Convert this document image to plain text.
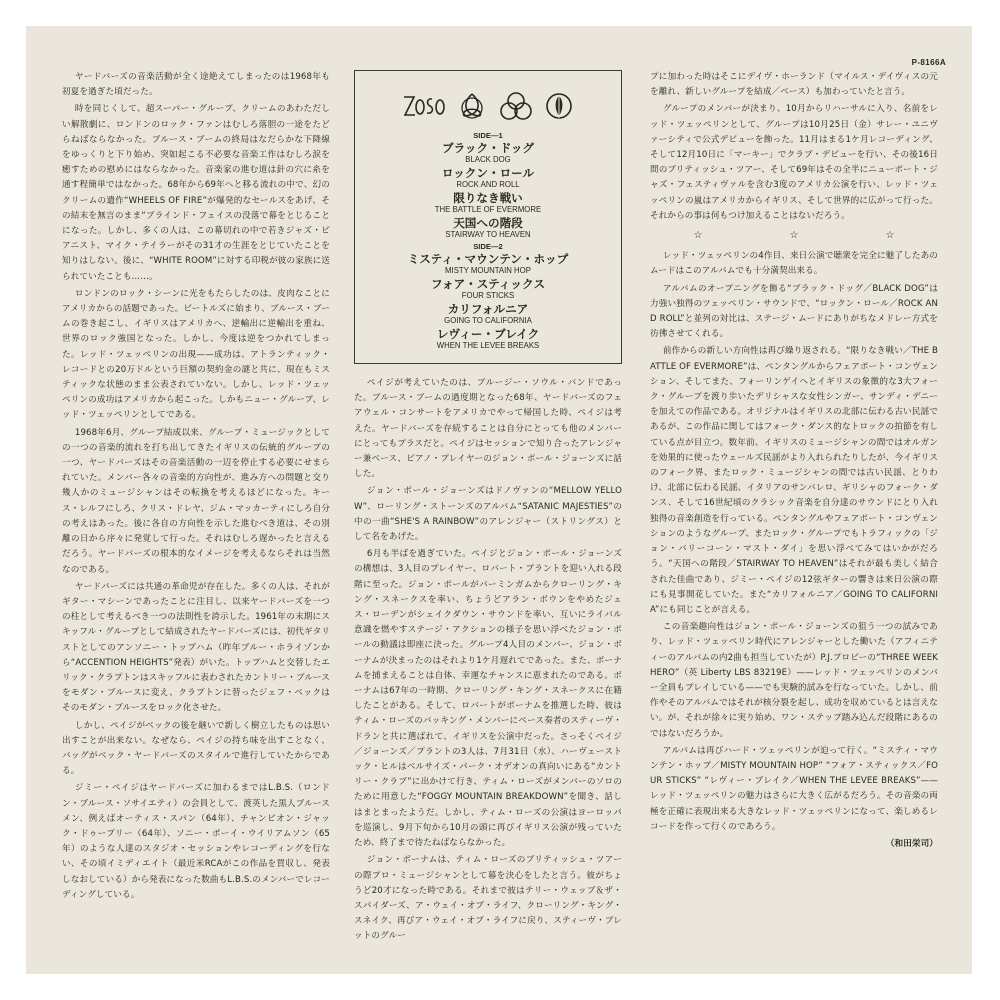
P-8166A

ヤードバーズの音楽活動が全く途絶えてしまったのは1968年も初夏を過ぎた頃だった。

時を同じくして、超スーパー・グループ、クリームのあわただしい解散劇に、ロンドンのロック・ファンはむしろ落胆の一途をたどらねばならなかった。ブルース・ブームの終局はなだらかな下降線をゆっくりと下り始め、突如起こる不必要な音楽工作はむしろ涙を癒すための慰めにはならなかった。音楽家の進む道は針の穴に糸を通す程簡単ではなかった。68年から69年へと移る流れの中で、幻のクリームの遺作“WHEELS OF FIRE”が爆発的なセールスをあげ、その結末を無言のまま“ブラインド・フェイスの没落で幕をとじることになった。しかし、多くの人は、この幕切れの中で若きジャズ・ピアニスト、マイク・テイラーがその31才の生涯をとじていたことを知りはしない。後に、“WHITE ROOM”に対する印税が彼の家族に送られていたことも……。

ロンドンのロック・シーンに光をもたらしたのは、皮肉なことにアメリカからの話題であった。ビートルズに始まり、ブルース・ブームの巻き起こし、イギリスはアメリカへ、逆輸出に逆輸出を重ね、世界のロック強国となった。しかし、今度は逆をつかれてしまった。レッド・ツェッペリンの出現——成功は、アトランティック・レコードとの20万ドルという巨額の契約金の謎と共に、現在もミスティックな状態のまま公表されていない。しかし、レッド・ツェッペリンの成功はアメリカから起こった。しかもニュー・グループ、レッド・ツェッペリンとしてである。

1968年6月、グループ結成以来、グループ・ミュージックとしての一つの音楽的流れを打ち出してきたイギリスの伝統的グループの一つ、ヤードバーズはその音楽活動の一辺を停止する必要にせまられていた。メンバー各々の音楽的方向性が、進み方への問題と交り幾人かのミュージシャンはその転換を考えるほどになった。キース・レルフにしろ、クリス・ドレヤ、ジム・マッカーティにしろ自分の考えはあった。後に各自の方向性を示した進むべき道は、その別離の日から序々に発覚して行った。それはむしろ遅かったと言えるだろう。ヤードバーズの根本的なイメージを考えるならそれは当然なのである。

ヤードバーズには共通の革命児が存在した。多くの人は、それがギター・マシーンであったことに注目し、以来ヤードバーズを一つの柱として考えるべき一つの法則性を誇示した。1961年の末期にスキッフル・グループとして結成されたヤードバーズには、初代ギタリストとしてのアンソニー・トップハム（昨年ブルー・ホライゾンから“ACCENTION HEIGHTS”発表）がいた。トップハムと交替したエリック・クラプトンはスキッフルに表わされたカントリー・ブルースをモダン・ブルースに変え、クラプトンに替ったジェフ・ベックはそのモダン・ブルースをロック化させた。

しかし、ペイジがベックの後を継いで新しく樹立したものは思い出すことが出来ない。なぜなら、ペイジの持ち味を出すことなく、バッグがベック・ヤードバーズのスタイルで進行していたからである。

ジミー・ペイジはヤードバーズに加わるまではL.B.S.（ロンドン・ブルース・ソサイエティ）の会員として、渡英した黒人ブルースメン、例えばオーティス・スパン（64年）、チャンピオン・ジャック・ドゥープリー（64年）、ソニー・ボーイ・ウイリアムソン（65年）のような人達のスタジオ・セッションやレコーディングを行ない、その頃イミディエイト（最近米RCAがこの作品を買収し、発表しなおしている）から発表になった数曲もL.B.S.のメンバーでレコーディングしている。

SIDE—1
ブラック・ドッグ
BLACK DOG
ロックン・ロール
ROCK AND ROLL
限りなき戦い
THE BATTLE OF EVERMORE
天国への階段
STAIRWAY TO HEAVEN
SIDE—2
ミスティ・マウンテン・ホップ
MISTY MOUNTAIN HOP
フォア・スティックス
FOUR STICKS
カリフォルニア
GOING TO CALIFORNIA
レヴィー・ブレイク
WHEN THE LEVEE BREAKS

ペイジが考えていたのは、ブルージー・ソウル・バンドであった。ブルース・ブームの過度期となった68年、ヤードバーズのフェアウェル・コンサートをアメリカでやって帰国した時、ペイジは考えた。ヤードバーズを存続することは自分にとっても他のメンバーにとってもプラスだと。ペイジはセッションで知り合ったアレンジャー兼ベース、ピアノ・プレイヤーのジョン・ポール・ジョーンズに話した。

ジョン・ポール・ジョーンズはドノヴァンの“MELLOW YELLOW”、ローリング・ストーンズのアルバム“SATANIC MAJESTIES”の中の一曲“SHE'S A RAINBOW”のアレンジャー（ストリングス）として名をあげた。

6月も半ばを過ぎていた。ペイジとジョン・ポール・ジョーンズの構想は、3人目のプレイヤー、ロバート・プラントを迎い入れる段階に至った。ジョン・ポールがバーミンガムからクローリング・キング・スネークスを率い、ちょうどアラン・ボウンをやめたジェス・ローデンがシェイクダウン・サウンドを率い、互いにライバル意識を燃やすステージ・アクションの様子を思い浮べたジョン・ポールの動議は即座に決った。グループ4人目のメンバー、ジョン・ボーナムが決まったのはそれより1ケ月遅れてであった。また、ボーナムを捕まえることは自体、幸運なチャンスに恵まれたのである。ボーナムは67年の一時期、クローリング・キング・スネークスに在籍したことがある。そして、ロバートがボーナムを推選した時、彼はティム・ローズのバッキング・メンバーにベース奏者のスティーヴ・ドランと共に選ばれて、イギリスを公演中だった。さっそくペイジ／ジョーンズ／プラントの3人は、7月31日（水）、ハーヴェーストック・ヒルはベルサイズ・パーク・オデオンの真向いにある“カントリー・クラブ”に出かけて行き、ティム・ローズがメンバーのソロのために用意した“FOGGY MOUNTAIN BREAKDOWN”を聞き、話しはまとまったようだ。しかし、ティム・ローズの公演はヨーロッパを巡演し、9月下旬から10月の頭に再びイギリス公演が残っていたため、終了まで待たねばならなかった。

ジョン・ボーナムは、ティム・ローズのブリティッシュ・ツアーの際プロ・ミュージシャンとして幕を決心をしたと言う。彼がちょうど20才になった時である。それまで彼はテリー・ウェッブ＆ザ・スパイダーズ、ア・ウェイ・オブ・ライフ、クローリング・キング・スネイク、再びア・ウェイ・オブ・ライフに戻り、スティーヴ・ブレットのグルー

プに加わった時はそこにデイヴ・ホーランド（マイルス・デイヴィスの元を離れ、新しいグループを結成／ベース）も加わっていたと言う。

グループのメンバーが決まり、10月からリハーサルに入り、名前をレッド・ツェッペリンとして、グループは10月25日（金）サレー・ユニヴァーシティで公式デビューを飾った。11月はまる1ケ月レコーディング、そして12月10日に「マーキー」でクラブ・デビューを行い、その後16日間のブリティッシュ・ツアー、そして69年はその全半にニューポート・ジャズ・フェスティヴァルを含む3度のアメリカ公演を行い、レッド・ツェッペリンの嵐はアメリカからイギリス、そして世界的に広がって行った。それからの事は何もつけ加えることはないだろう。

☆	☆	☆

レッド・ツェッペリンの4作目、来日公演で聴衆を完全に魅了したあのムードはこのアルバムでも十分満契出来る。

アルバムのオープニングを飾る“ブラック・ドッグ／BLACK DOG”は力強い独得のツェッペリン・サウンドで、“ロックン・ロール／ROCK AND ROLL”と並列の対比は、ステージ・ムードにありがちなメドレー方式を彷彿させてくれる。

前作からの新しい方向性は再び繰り返される。“限りなき戦い／THE BATTLE OF EVERMORE”は、ペンタングルからフェアポート・コンヴェンション、そしてまた、フォーリンゲイヘとイギリスの象徴的な3大フォーク・グループを渡り歩いたデリシャスな女性シンガー、サンディ・デニーを加えての作品である。オリジナルはイギリスの北部に伝わる古い民謡であるが、この作品に関してはフォーク・ダンス的なトロックの拍節を有している点が目立つ。数年前、イギリスのミュージシャンの間ではオルガンを効果的に使ったウェールズ民謡がより入れられたりしたが、今イギリスのフォーク界、またロック・ミュージシャンの間では古い民謡、とりわけ、北部に伝わる民謡、イタリアのサンバレロ、ギリシャのフォーク・ダンス、そして16世紀頃のクラシック音楽を自分達のサウンドにとり入れ独得の音楽創造を行っている。ペンタングルやフェアポート・コンヴェンションのようなグループ、またロック・グループでもトラフィックの「ジョン・バリーコーン・マスト・ダイ」を思い浮べてみてはいかがだろう。“天国への階段／STAIRWAY TO HEAVEN”はそれが最も美しく結合された佳曲であり、ジミー・ペイジの12弦ギターの響きは来日公演の際にも見事開花していた。また“カリフォルニア／GOING TO CALIFORNIA”にも同じことが言える。

この音楽趣向性はジョン・ポール・ジョーンズの狙う一つの試みであり、レッド・ツェッペリン時代にアレンジャーとした働いた（アフィニティーのアルバムの内2曲も担当していたが）P.J.プロビーの“THREE WEEK HERO”（英 Liberty LBS 83219E）——レッド・ツェッペリンのメンバー全員もプレイしている——でも実験的試みを行なっていた。しかし、前作やそのアルバムではそれが核分裂を起し、成功を収めているとは言えない。が、それが徐々に実り始め、ワン・ステップ踏み込んだ段階にあるのではないだろうか。

アルバムは再びハード・ツェッペリンが迫って行く。“ミスティ・マウンテン・ホップ／MISTY MOUNTAIN HOP” “フォア・スティックス／FOUR STICKS” “レヴィー・ブレイク／WHEN THE LEVEE BREAKS”——レッド・ツェッペリンの魅力はさらに大きく広がるだろう。その音楽の両極を正確に表現出来る大きなレッド・ツェッペリンになって、楽しめるレコードを作って行くのであろう。

（和田栄司）
